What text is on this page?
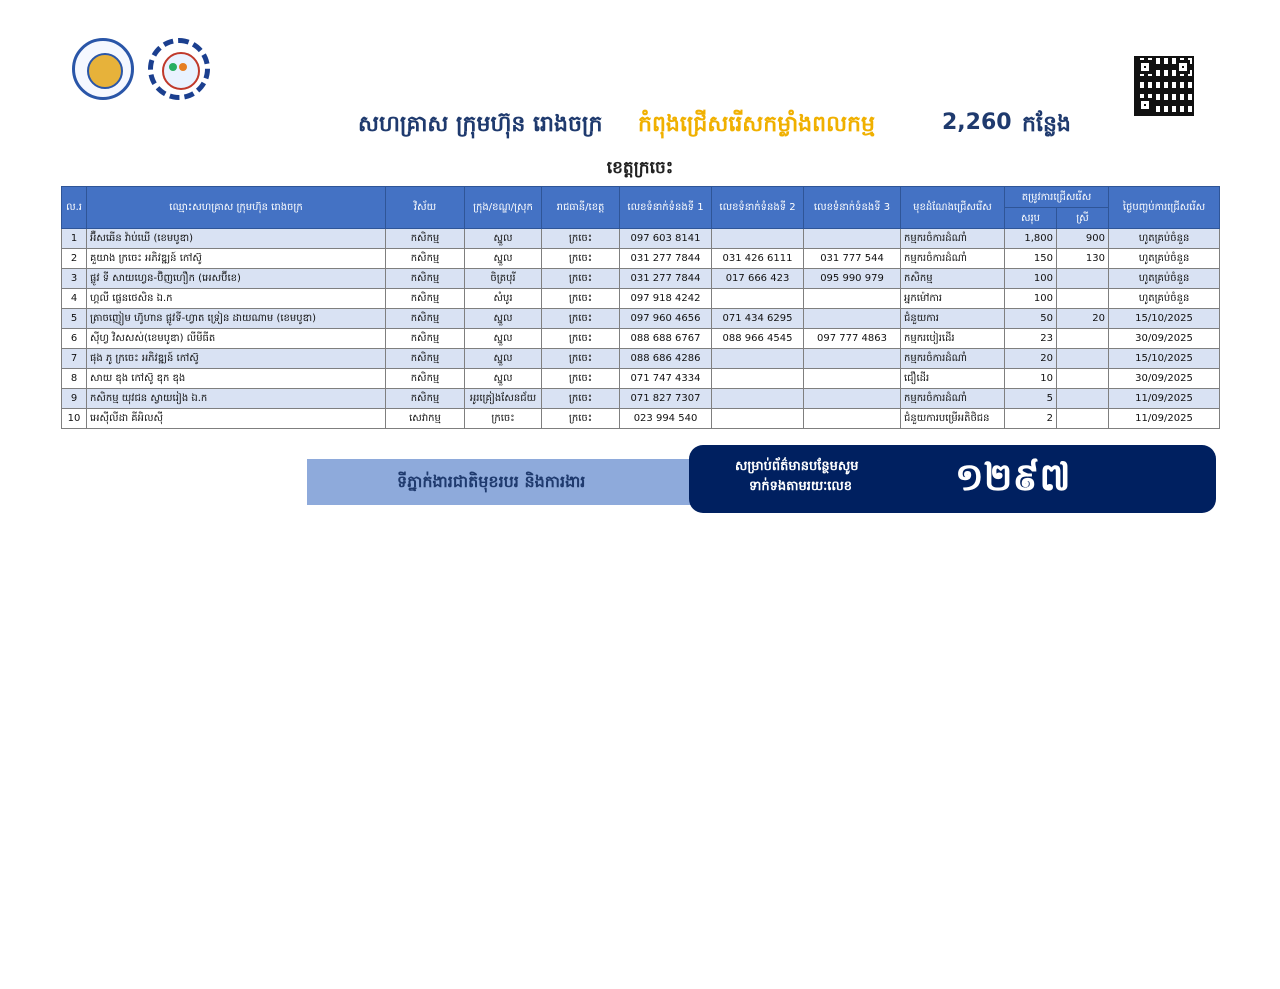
សហគ្រាស ក្រុមហ៊ុន រោងចក្រ កំពុងជ្រើសរើសកម្លាំងពលកម្ម	2,260 កន្លែង
ខេត្តក្រចេះ
ល.រ	ឈ្មោះសហគ្រាស ក្រុមហ៊ុន រោងចក្រ	វិស័យ	ក្រុង/ខណ្ឌ/ស្រុក	រាជធានី/ខេត្ត	លេខទំនាក់ទំនងទី 1	លេខទំនាក់ទំនងទី 2	លេខទំនាក់ទំនងទី 3	មុខដំណែងជ្រើសរើស	តម្រូវការជ្រើសរើស		ថ្ងៃបញ្ចប់ការជ្រើសរើស
									សរុប	ស្រី	
1	អ៊ឺសឆើន វ៉ាប់ឃើ (ខេមបូឌា)	កសិកម្ម	ស្នួល	ក្រចេះ	097 603 8141			កម្មករចំការដំណាំ	1,800	900	ហូតគ្រប់ចំនួន
2	គួយាង ក្រចេះ អភិវឌ្ឍន៍ កៅស៊ូ	កសិកម្ម	ស្នួល	ក្រចេះ	031 277 7844	031 426 6111	031 777 544	កម្មករចំការដំណាំ	150	130	ហូតគ្រប់ចំនួន
3	ផ្លូវ ទី សាយហ្វេន-ប៊ិញហឿក (អេសប៊ីខេ)	កសិកម្ម	ចិត្របុរី	ក្រចេះ	031 277 7844	017 666 423	095 990 979	កសិកម្ម	100		ហូតគ្រប់ចំនួន
4	ហ្គលី ផ្លេនថេសិន ឯ.ក	កសិកម្ម	សំបូរ	ក្រចេះ	097 918 4242			អ្នកម៉ៅការ	100		ហូតគ្រប់ចំនួន
5	ត្រាចញៀម ហ៊ូហាន ផ្លូវទី-ហ្វាត ទ្រៀន ដាយណាម (ខេមបូឌា)	កសិកម្ម	ស្នួល	ក្រចេះ	097 960 4656	071 434 6295		ជំនួយការ	50	20	15/10/2025
6	ស៊ីហ្វ វិសសស់(ខេមបូឌា) លីមីធីត	កសិកម្ម	ស្នួល	ក្រចេះ	088 688 6767	088 966 4545	097 777 4863	កម្មករបៀរដើរ	23		30/09/2025
7	ផុង ភូ ក្រចេះ អភិវឌ្ឍន៍ កៅស៊ូ	កសិកម្ម	ស្នួល	ក្រចេះ	088 686 4286			កម្មករចំការដំណាំ	20		15/10/2025
8	សាយ ឌុង កៅស៊ូ ឌុក ឌុង	កសិកម្ម	ស្នួល	ក្រចេះ	071 747 4334			ជឿដើរ	10		30/09/2025
9	កសិកម្ម យុវជន ស្វាយរៀង ឯ.ក	កសិកម្ម	អូរគ្រៀងសែនជ័យ	ក្រចេះ	071 827 7307			កម្មករចំការដំណាំ	5		11/09/2025
10	អេស៊ីលីដា គីអិលស៊ី	សេវាកម្ម	ក្រចេះ	ក្រចេះ	023 994 540			ជំនួយការបម្រើអតិថិជន	2		11/09/2025
ទីភ្នាក់ងារជាតិមុខរបរ និងការងារ
សម្រាប់ព័ត៌មានបន្ថែមសូម
ទាក់ទងតាមរយៈលេខ	១២៩៧
